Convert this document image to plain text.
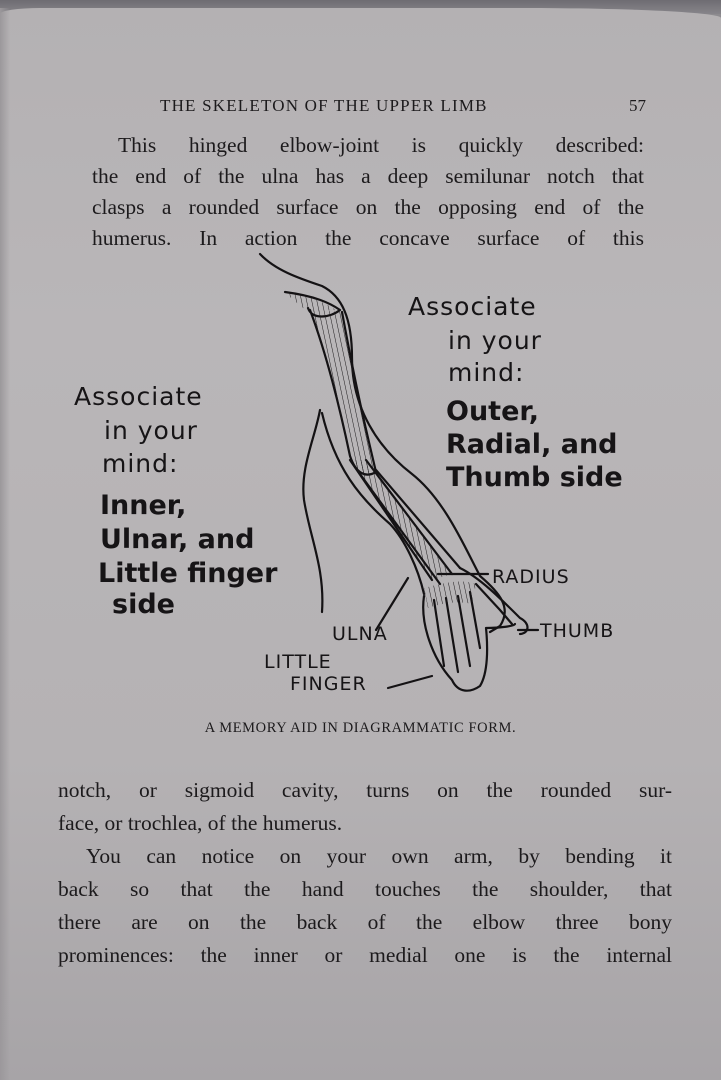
THE SKELETON OF THE UPPER LIMB	57
This hinged elbow-joint is quickly described:
the end of the ulna has a deep semilunar notch that
clasps a rounded surface on the opposing end of the
humerus. In action the concave surface of this
Associate
in your
mind:
Inner,
Ulnar, and
Little finger
side
Associate
in your
mind:
Outer,
Radial, and
Thumb side
RADIUS
ULNA	THUMB
LITTLE
FINGER
A MEMORY AID IN DIAGRAMMATIC FORM.
notch, or sigmoid cavity, turns on the rounded sur-
face, or trochlea, of the humerus.
You can notice on your own arm, by bending it
back so that the hand touches the shoulder, that
there are on the back of the elbow three bony
prominences: the inner or medial one is the internal
